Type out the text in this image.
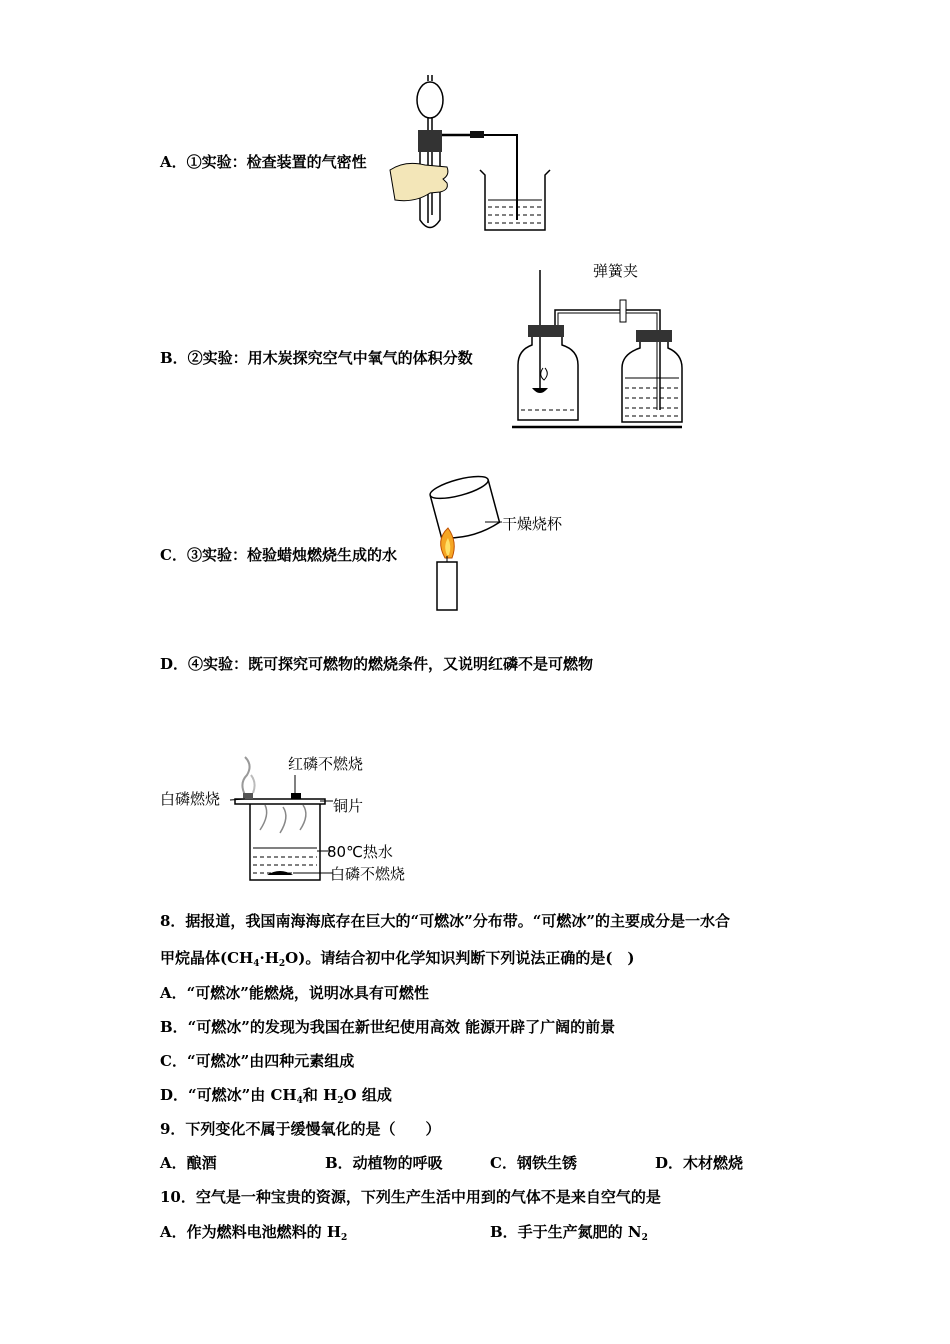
A．①实验：检查装置的气密性
B．②实验：用木炭探究空气中氧气的体积分数
C．③实验：检验蜡烛燃烧生成的水
D．④实验：既可探究可燃物的燃烧条件，又说明红磷不是可燃物
弹簧夹
干燥烧杯
红磷不燃烧
白磷燃烧	铜片
80℃热水
白磷不燃烧
8．据报道，我国南海海底存在巨大的“可燃冰”分布带。“可燃冰”的主要成分是一水合
甲烷晶体$(CH_4\cdot H_2O)$。请结合初中化学知识判断下列说法正确的是(　)
A．“可燃冰”能燃烧，说明冰具有可燃性
B．“可燃冰”的发现为我国在新世纪使用高效 能源开辟了广阔的前景
C．“可燃冰”由四种元素组成
D．“可燃冰”由 $CH_4$和 $H_2O$ 组成
9．下列变化不属于缓慢氧化的是（　　）
A．酿酒	B．动植物的呼吸	C．钢铁生锈	D．木材燃烧
10．空气是一种宝贵的资源，下列生产生活中用到的气体不是来自空气的是
A．作为燃料电池燃料的 $H_2$	B．手于生产氮肥的 $N_2$
